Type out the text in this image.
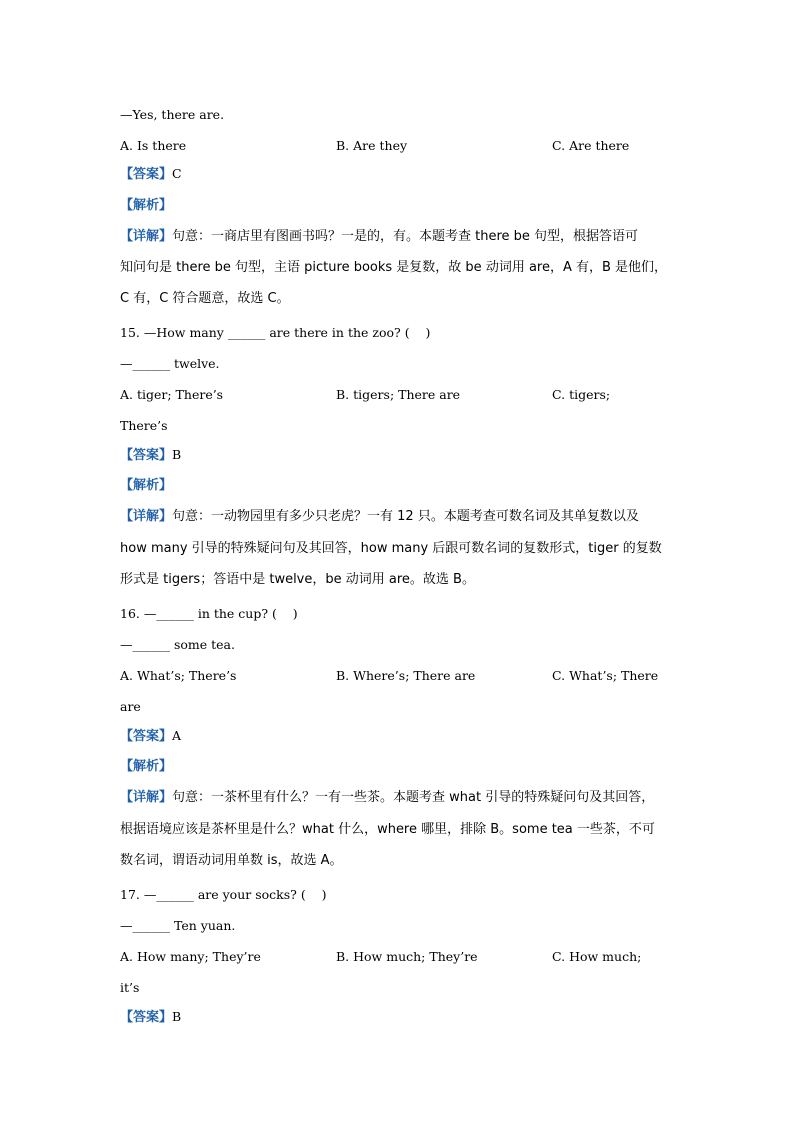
—Yes, there are.
A. Is there	B. Are they	C. Are there
【答案】C
【解析】
【详解】句意：一商店里有图画书吗？一是的，有。本题考查 there be 句型，根据答语可
知问句是 there be 句型，主语 picture books 是复数，故 be 动词用 are，A 有，B 是他们，
C 有，C 符合题意，故选 C。
15. —How many ______ are there in the zoo? (    )
—______ twelve.
A. tiger; There’s	B. tigers; There are	C. tigers;
There’s
【答案】B
【解析】
【详解】句意：一动物园里有多少只老虎？一有 12 只。本题考查可数名词及其单复数以及
how many 引导的特殊疑问句及其回答，how many 后跟可数名词的复数形式，tiger 的复数
形式是 tigers；答语中是 twelve，be 动词用 are。故选 B。
16. —______ in the cup? (    )
—______ some tea.
A. What’s; There’s	B. Where’s; There are	C. What’s; There
are
【答案】A
【解析】
【详解】句意：一茶杯里有什么？一有一些茶。本题考查 what 引导的特殊疑问句及其回答，
根据语境应该是茶杯里是什么？what 什么，where 哪里，排除 B。some tea 一些茶，不可
数名词，谓语动词用单数 is，故选 A。
17. —______ are your socks? (    )
—______ Ten yuan.
A. How many; They’re	B. How much; They’re	C. How much;
it’s
【答案】B
